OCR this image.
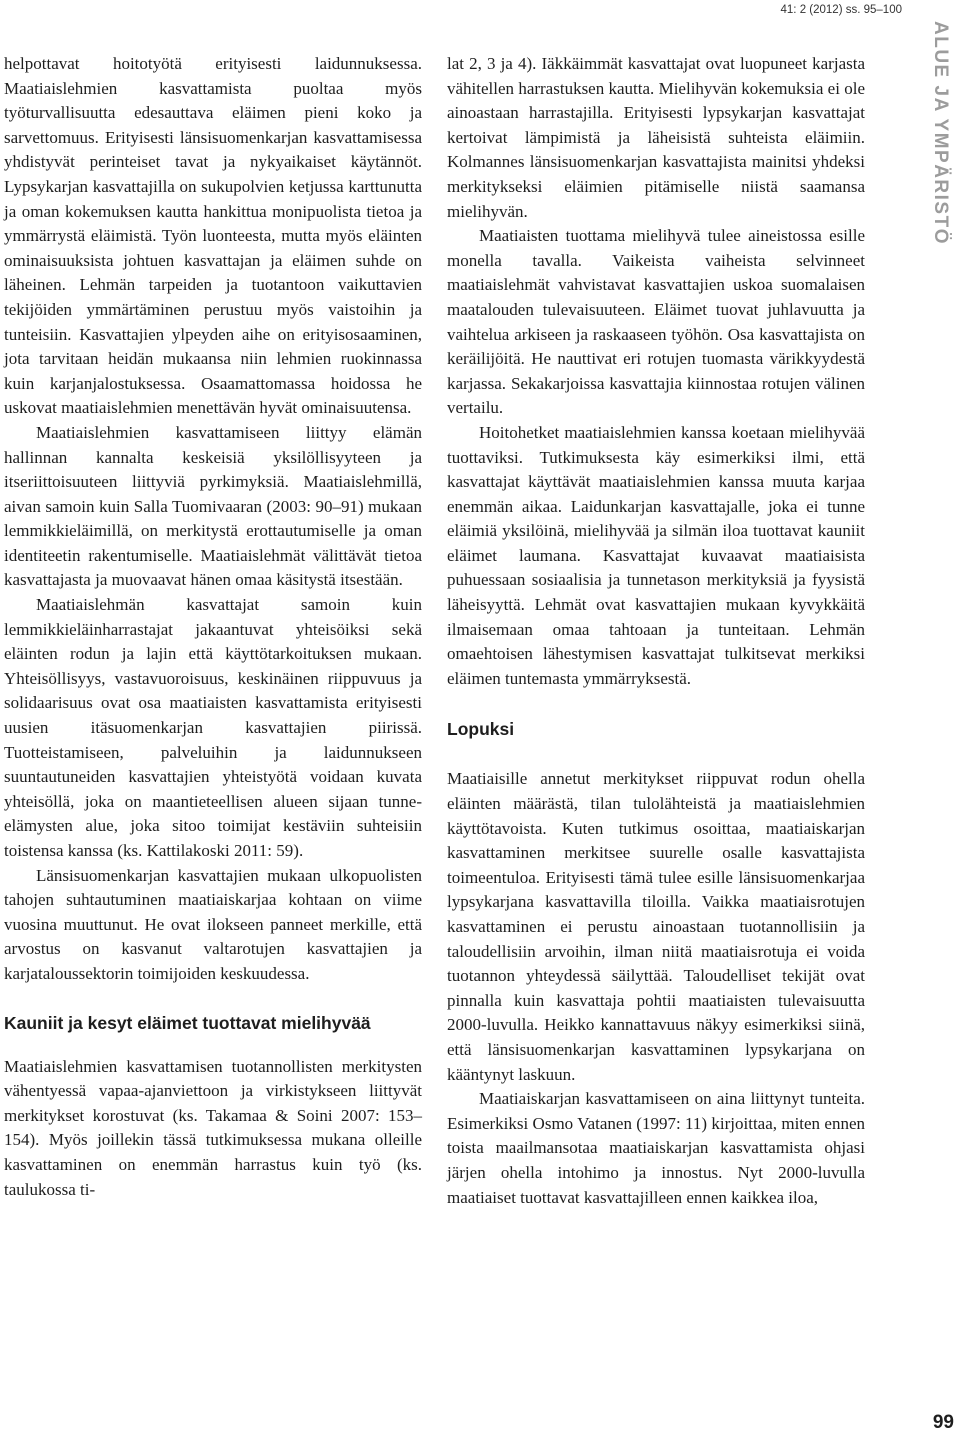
41: 2 (2012) ss. 95–100
ALUE JA YMPÄRISTÖ

helpottavat hoitotyötä erityisesti laidunnuksessa. Maatiaislehmien kasvattamista puoltaa myös työturvallisuutta edesauttava eläimen pieni koko ja sarvettomuus. Erityisesti länsisuomenkarjan kasvattamisessa yhdistyvät perinteiset tavat ja nykyaikaiset käytännöt. Lypsykarjan kasvattajilla on sukupolvien ketjussa karttunutta ja oman kokemuksen kautta hankittua monipuolista tietoa ja ymmärrystä eläimistä. Työn luonteesta, mutta myös eläinten ominaisuuksista johtuen kasvattajan ja eläimen suhde on läheinen. Lehmän tarpeiden ja tuotantoon vaikuttavien tekijöiden ymmärtäminen perustuu myös vaistoihin ja tunteisiin. Kasvattajien ylpeyden aihe on erityisosaaminen, jota tarvitaan heidän mukaansa niin lehmien ruokinnassa kuin karjanjalostuksessa. Osaamattomassa hoidossa he uskovat maatiaislehmien menettävän hyvät ominaisuutensa.

Maatiaislehmien kasvattamiseen liittyy elämän hallinnan kannalta keskeisiä yksilöllisyyteen ja itseriittoisuuteen liittyviä pyrkimyksiä. Maatiaislehmillä, aivan samoin kuin Salla Tuomivaaran (2003: 90–91) mukaan lemmikkieläimillä, on merkitystä erottautumiselle ja oman identiteetin rakentumiselle. Maatiaislehmät välittävät tietoa kasvattajasta ja muovaavat hänen omaa käsitystä itsestään.

Maatiaislehmän kasvattajat samoin kuin lemmikkieläinharrastajat jakaantuvat yhteisöiksi sekä eläinten rodun ja lajin että käyttötarkoituksen mukaan. Yhteisöllisyys, vastavuoroisuus, keskinäinen riippuvuus ja solidaarisuus ovat osa maatiaisten kasvattamista erityisesti uusien itäsuomenkarjan kasvattajien piirissä. Tuotteistamiseen, palveluihin ja laidunnukseen suuntautuneiden kasvattajien yhteistyötä voidaan kuvata yhteisöllä, joka on maantieteellisen alueen sijaan tunne-elämysten alue, joka sitoo toimijat kestäviin suhteisiin toistensa kanssa (ks. Kattilakoski 2011: 59).

Länsisuomenkarjan kasvattajien mukaan ulkopuolisten tahojen suhtautuminen maatiaiskarjaa kohtaan on viime vuosina muuttunut. He ovat ilokseen panneet merkille, että arvostus on kasvanut valtarotujen kasvattajien ja karjataloussektorin toimijoiden keskuudessa.

Kauniit ja kesyt eläimet tuottavat mielihyvää

Maatiaislehmien kasvattamisen tuotannollisten merkitysten vähentyessä vapaa-ajanviettoon ja virkistykseen liittyvät merkitykset korostuvat (ks. Takamaa & Soini 2007: 153–154). Myös joillekin tässä tutkimuksessa mukana olleille kasvattaminen on enemmän harrastus kuin työ (ks. taulukossa ti-

lat 2, 3 ja 4). Iäkkäimmät kasvattajat ovat luopuneet karjasta vähitellen harrastuksen kautta. Mielihyvän kokemuksia ei ole ainoastaan harrastajilla. Erityisesti lypsykarjan kasvattajat kertoivat lämpimistä ja läheisistä suhteista eläimiin. Kolmannes länsisuomenkarjan kasvattajista mainitsi yhdeksi merkitykseksi eläimien pitämiselle niistä saamansa mielihyvän.

Maatiaisten tuottama mielihyvä tulee aineistossa esille monella tavalla. Vaikeista vaiheista selvinneet maatiaislehmät vahvistavat kasvattajien uskoa suomalaisen maatalouden tulevaisuuteen. Eläimet tuovat juhlavuutta ja vaihtelua arkiseen ja raskaaseen työhön. Osa kasvattajista on keräilijöitä. He nauttivat eri rotujen tuomasta värikkyydestä karjassa. Sekakarjoissa kasvattajia kiinnostaa rotujen välinen vertailu.

Hoitohetket maatiaislehmien kanssa koetaan mielihyvää tuottaviksi. Tutkimuksesta käy esimerkiksi ilmi, että kasvattajat käyttävät maatiaislehmien kanssa muuta karjaa enemmän aikaa. Laidunkarjan kasvattajalle, joka ei tunne eläimiä yksilöinä, mielihyvää ja silmän iloa tuottavat kauniit eläimet laumana. Kasvattajat kuvaavat maatiaisista puhuessaan sosiaalisia ja tunnetason merkityksiä ja fyysistä läheisyyttä. Lehmät ovat kasvattajien mukaan kyvykkäitä ilmaisemaan omaa tahtoaan ja tunteitaan. Lehmän omaehtoisen lähestymisen kasvattajat tulkitsevat merkiksi eläimen tuntemasta ymmärryksestä.

Lopuksi

Maatiaisille annetut merkitykset riippuvat rodun ohella eläinten määrästä, tilan tulolähteistä ja maatiaislehmien käyttötavoista. Kuten tutkimus osoittaa, maatiaiskarjan kasvattaminen merkitsee suurelle osalle kasvattajista toimeentuloa. Erityisesti tämä tulee esille länsisuomenkarjaa lypsykarjana kasvattavilla tiloilla. Vaikka maatiaisrotujen kasvattaminen ei perustu ainoastaan tuotannollisiin ja taloudellisiin arvoihin, ilman niitä maatiaisrotuja ei voida tuotannon yhteydessä säilyttää. Taloudelliset tekijät ovat pinnalla kuin kasvattaja pohtii maatiaisten tulevaisuutta 2000-luvulla. Heikko kannattavuus näkyy esimerkiksi siinä, että länsisuomenkarjan kasvattaminen lypsykarjana on kääntynyt laskuun.

Maatiaiskarjan kasvattamiseen on aina liittynyt tunteita. Esimerkiksi Osmo Vatanen (1997: 11) kirjoittaa, miten ennen toista maailmansotaa maatiaiskarjan kasvattamista ohjasi järjen ohella intohimo ja innostus. Nyt 2000-luvulla maatiaiset tuottavat kasvattajilleen ennen kaikkea iloa,

99
